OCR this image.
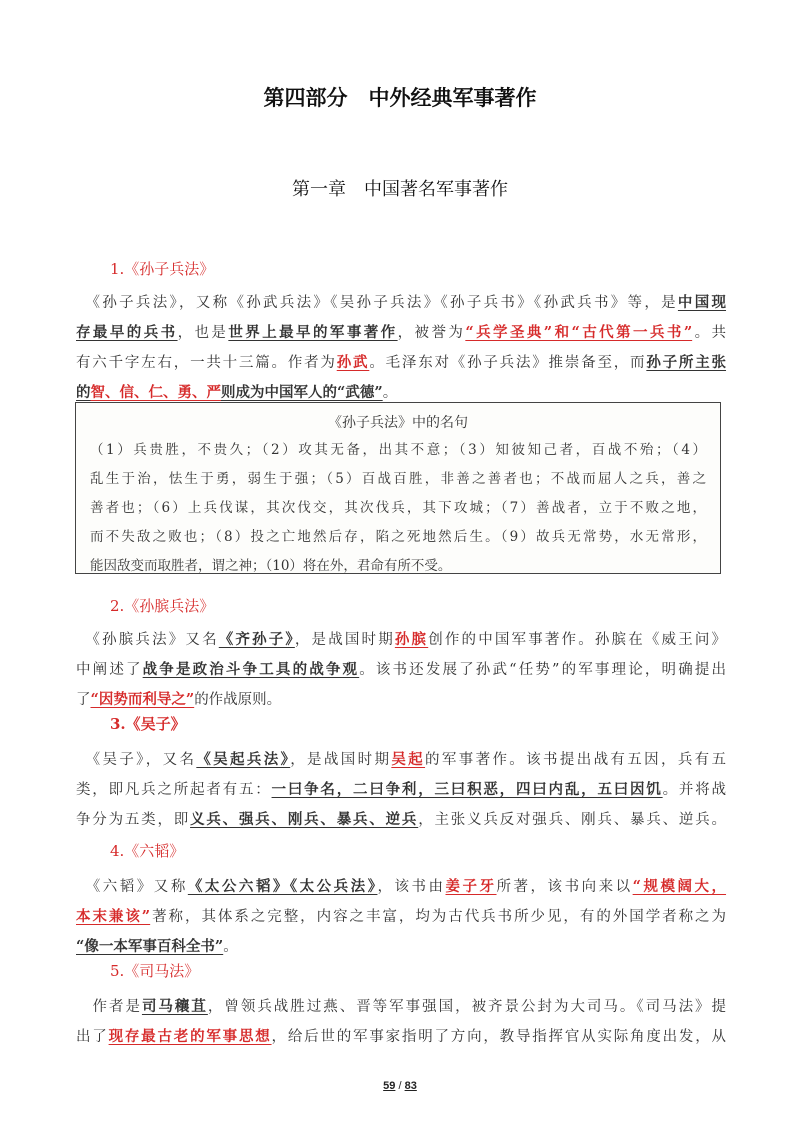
第四部分　中外经典军事著作
第一章　中国著名军事著作
1.《孙子兵法》
　《孙子兵法》，又称《孙武兵法》《吴孙子兵法》《孙子兵书》《孙武兵书》等，是中国现
存最早的兵书，也是世界上最早的军事著作，被誉为“兵学圣典”和“古代第一兵书”。共
有六千字左右，一共十三篇。作者为孙武。毛泽东对《孙子兵法》推崇备至，而孙子所主张
的智、信、仁、勇、严则成为中国军人的“武德”。
《孙子兵法》中的名句
（1）兵贵胜，不贵久；（2）攻其无备，出其不意；（3）知彼知己者，百战不殆；（4）
乱生于治，怯生于勇，弱生于强；（5）百战百胜，非善之善者也；不战而屈人之兵，善之
善者也；（6）上兵伐谋，其次伐交，其次伐兵，其下攻城；（7）善战者，立于不败之地，
而不失敌之败也；（8）投之亡地然后存，陷之死地然后生。（9）故兵无常势，水无常形，
能因敌变而取胜者，谓之神；（10）将在外，君命有所不受。
2.《孙膑兵法》
　《孙膑兵法》又名《齐孙子》，是战国时期孙膑创作的中国军事著作。孙膑在《威王问》
中阐述了战争是政治斗争工具的战争观。该书还发展了孙武“任势”的军事理论，明确提出
了“因势而利导之”的作战原则。
3.《吴子》
　《吴子》，又名《吴起兵法》，是战国时期吴起的军事著作。该书提出战有五因，兵有五
类，即凡兵之所起者有五：一曰争名，二曰争利，三曰积恶，四曰内乱，五曰因饥。并将战
争分为五类，即义兵、强兵、刚兵、暴兵、逆兵，主张义兵反对强兵、刚兵、暴兵、逆兵。
4.《六韬》
　《六韬》又称《太公六韬》《太公兵法》，该书由姜子牙所著，该书向来以“规模阔大，
本末兼该”著称，其体系之完整，内容之丰富，均为古代兵书所少见，有的外国学者称之为
“像一本军事百科全书”。
5.《司马法》
　作者是司马穰苴，曾领兵战胜过燕、晋等军事强国，被齐景公封为大司马。《司马法》提
出了现存最古老的军事思想，给后世的军事家指明了方向，教导指挥官从实际角度出发，从
59 / 83
